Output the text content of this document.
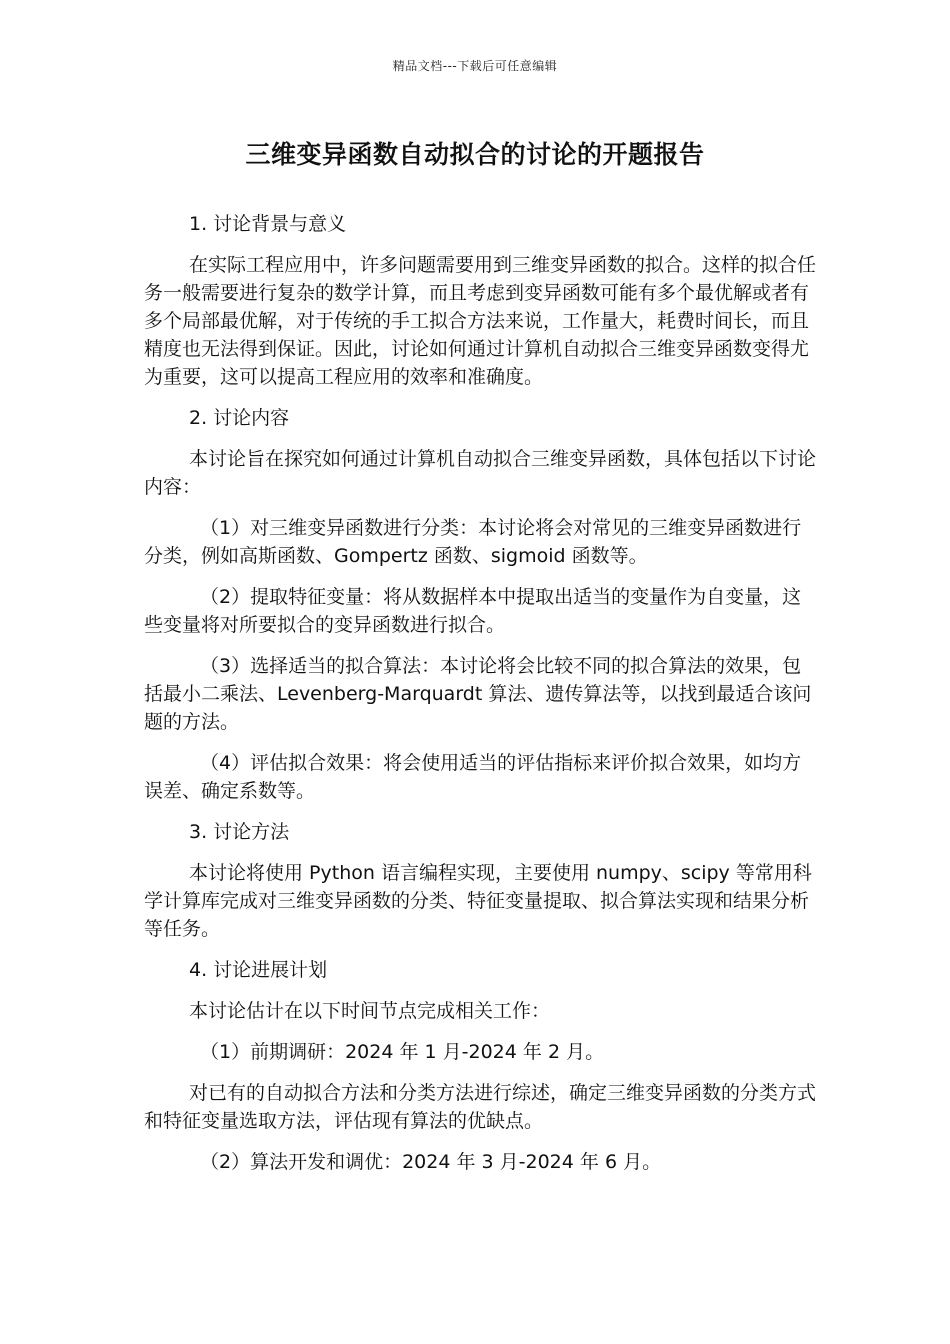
精品文档---下载后可任意编辑
三维变异函数自动拟合的讨论的开题报告

1. 讨论背景与意义

在实际工程应用中，许多问题需要用到三维变异函数的拟合。这样的拟合任务一般需要进行复杂的数学计算，而且考虑到变异函数可能有多个最优解或者有多个局部最优解，对于传统的手工拟合方法来说，工作量大，耗费时间长，而且精度也无法得到保证。因此，讨论如何通过计算机自动拟合三维变异函数变得尤为重要，这可以提高工程应用的效率和准确度。

2. 讨论内容

本讨论旨在探究如何通过计算机自动拟合三维变异函数，具体包括以下讨论内容：

（1）对三维变异函数进行分类：本讨论将会对常见的三维变异函数进行分类，例如高斯函数、Gompertz 函数、sigmoid 函数等。

（2）提取特征变量：将从数据样本中提取出适当的变量作为自变量，这些变量将对所要拟合的变异函数进行拟合。

（3）选择适当的拟合算法：本讨论将会比较不同的拟合算法的效果，包括最小二乘法、Levenberg-Marquardt 算法、遗传算法等，以找到最适合该问题的方法。

（4）评估拟合效果：将会使用适当的评估指标来评价拟合效果，如均方误差、确定系数等。

3. 讨论方法

本讨论将使用 Python 语言编程实现，主要使用 numpy、scipy 等常用科学计算库完成对三维变异函数的分类、特征变量提取、拟合算法实现和结果分析等任务。

4. 讨论进展计划

本讨论估计在以下时间节点完成相关工作：

（1）前期调研：2024 年 1 月-2024 年 2 月。

对已有的自动拟合方法和分类方法进行综述，确定三维变异函数的分类方式和特征变量选取方法，评估现有算法的优缺点。

（2）算法开发和调优：2024 年 3 月-2024 年 6 月。
